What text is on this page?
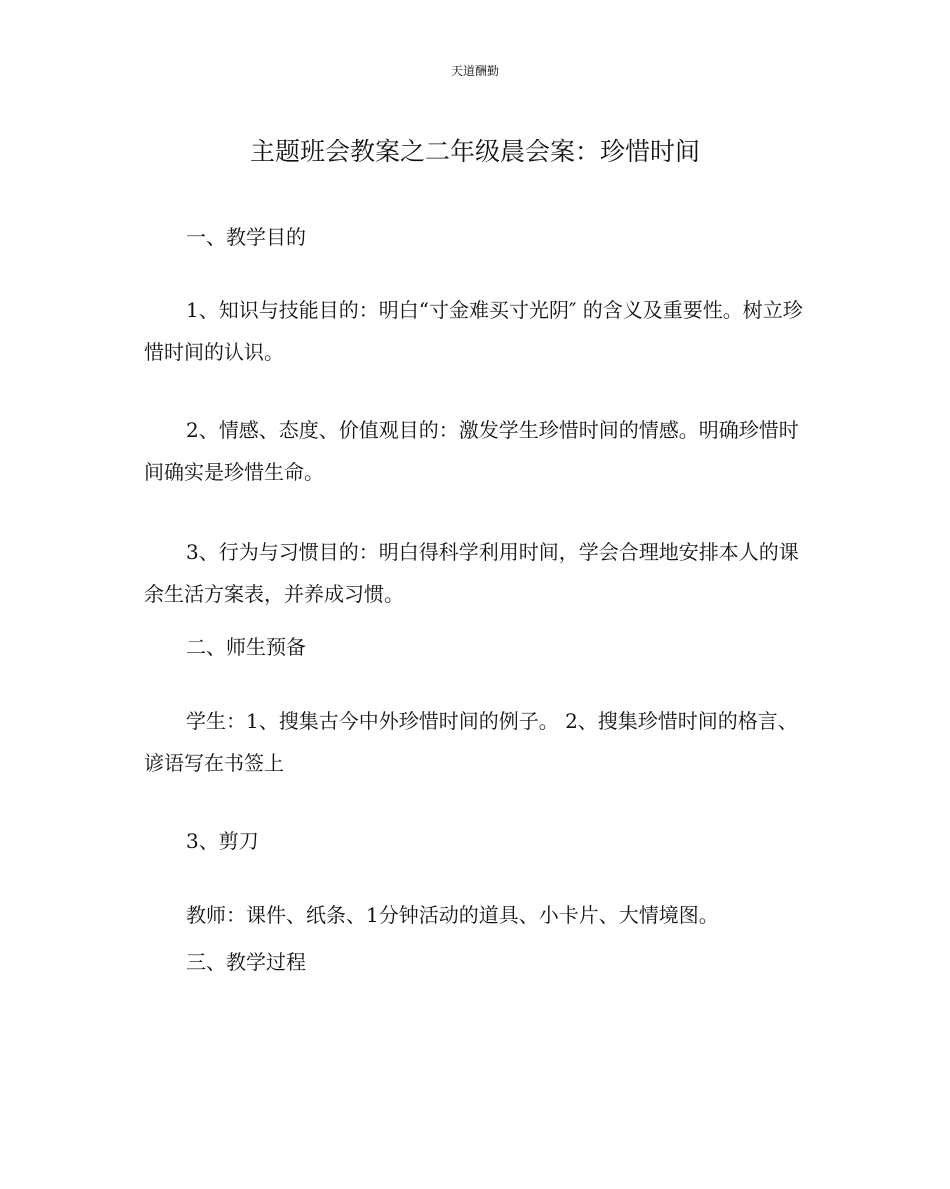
天道酬勤
主题班会教案之二年级晨会案：珍惜时间

一、教学目的

1、知识与技能目的：明白“寸金难买寸光阴″ 的含义及重要性。树立珍惜时间的认识。

2、情感、态度、价值观目的：激发学生珍惜时间的情感。明确珍惜时间确实是珍惜生命。

3、行为与习惯目的：明白得科学利用时间，学会合理地安排本人的课余生活方案表，并养成习惯。

二、师生预备

学生：1、搜集古今中外珍惜时间的例子。 2、搜集珍惜时间的格言、谚语写在书签上

3、剪刀

教师：课件、纸条、1分钟活动的道具、小卡片、大情境图。

三、教学过程
